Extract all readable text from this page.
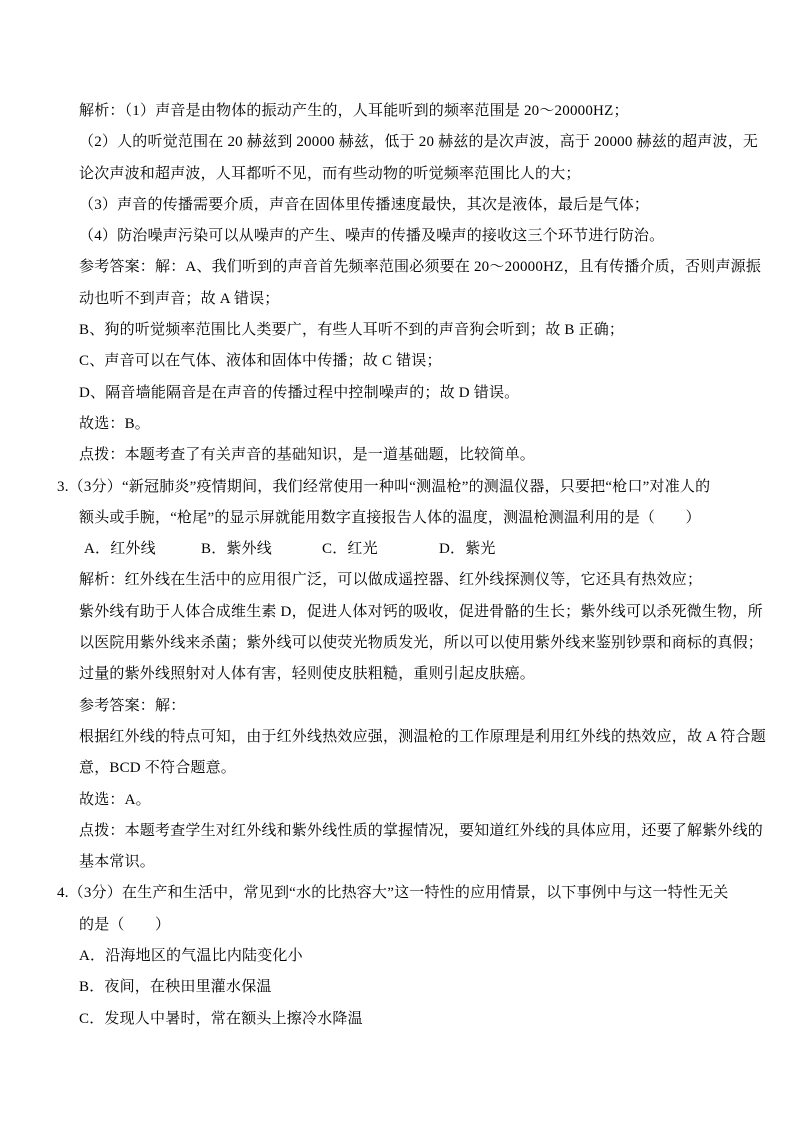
解析：（1）声音是由物体的振动产生的，人耳能听到的频率范围是 20～20000HZ；
（2）人的听觉范围在 20 赫兹到 20000 赫兹，低于 20 赫兹的是次声波，高于 20000 赫兹的超声波，无
论次声波和超声波，人耳都听不见，而有些动物的听觉频率范围比人的大；
（3）声音的传播需要介质，声音在固体里传播速度最快，其次是液体，最后是气体；
（4）防治噪声污染可以从噪声的产生、噪声的传播及噪声的接收这三个环节进行防治。
参考答案：解：A、我们听到的声音首先频率范围必须要在 20～20000HZ，且有传播介质，否则声源振
动也听不到声音；故 A 错误；
B、狗的听觉频率范围比人类要广，有些人耳听不到的声音狗会听到；故 B 正确；
C、声音可以在气体、液体和固体中传播；故 C 错误；
D、隔音墙能隔音是在声音的传播过程中控制噪声的；故 D 错误。
故选：B。
点拨：本题考查了有关声音的基础知识，是一道基础题，比较简单。
3.（3分）“新冠肺炎”疫情期间，我们经常使用一种叫“测温枪”的测温仪器，只要把“枪口”对准人的
额头或手腕，“枪尾”的显示屏就能用数字直接报告人体的温度，测温枪测温利用的是（　　）
A．红外线	B．紫外线	C．红光	D．紫光
解析：红外线在生活中的应用很广泛，可以做成遥控器、红外线探测仪等，它还具有热效应；
紫外线有助于人体合成维生素 D，促进人体对钙的吸收，促进骨骼的生长；紫外线可以杀死微生物，所
以医院用紫外线来杀菌；紫外线可以使荧光物质发光，所以可以使用紫外线来鉴别钞票和商标的真假；
过量的紫外线照射对人体有害，轻则使皮肤粗糙，重则引起皮肤癌。
参考答案：解：
根据红外线的特点可知，由于红外线热效应强，测温枪的工作原理是利用红外线的热效应，故 A 符合题
意，BCD 不符合题意。
故选：A。
点拨：本题考查学生对红外线和紫外线性质的掌握情况，要知道红外线的具体应用，还要了解紫外线的
基本常识。
4.（3分）在生产和生活中，常见到“水的比热容大”这一特性的应用情景，以下事例中与这一特性无关
的是（　　）
A．沿海地区的气温比内陆变化小
B．夜间，在秧田里灌水保温
C．发现人中暑时，常在额头上擦冷水降温
